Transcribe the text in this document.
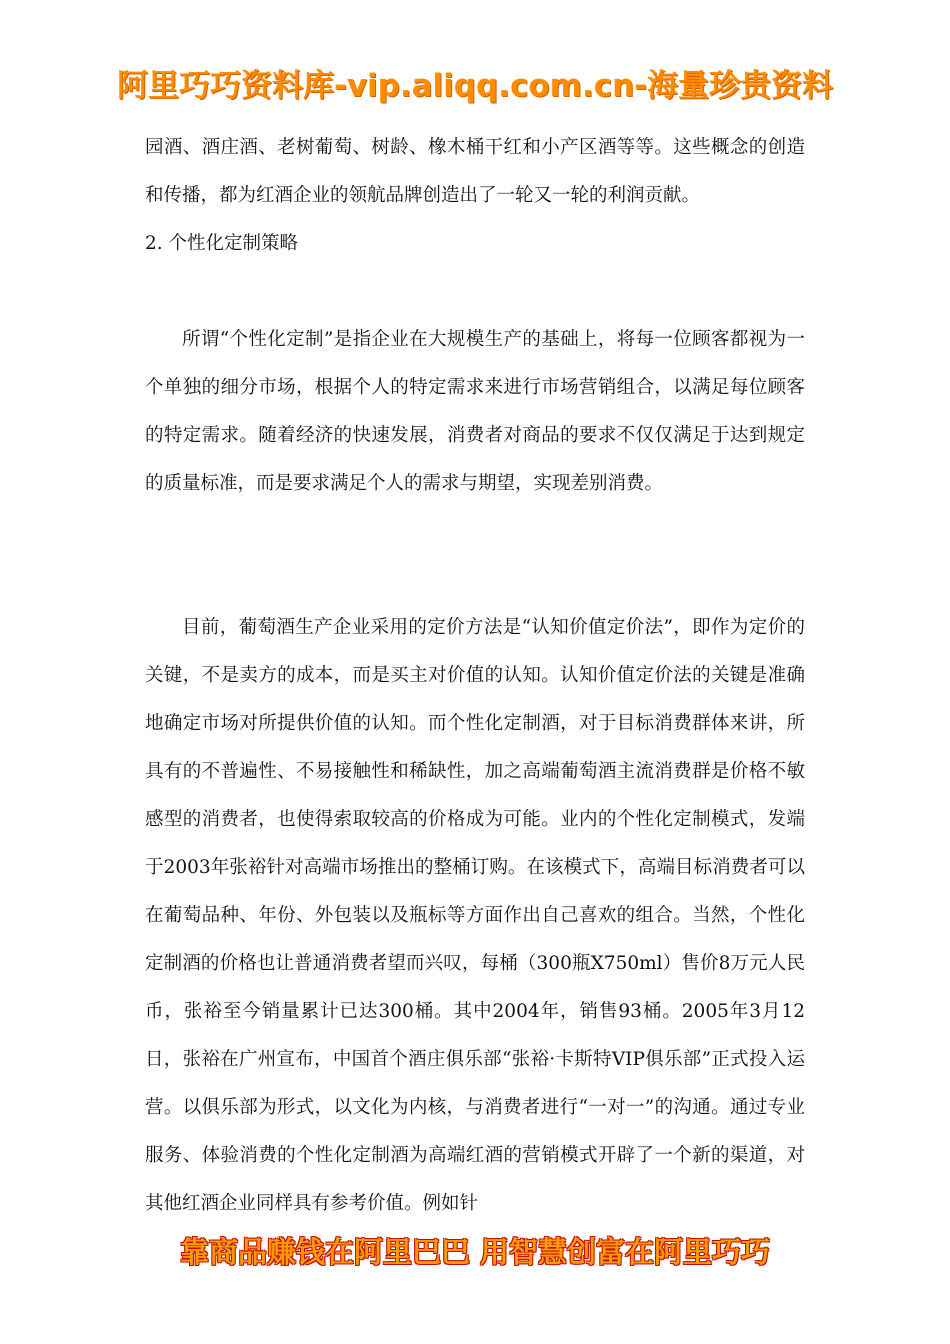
阿里巧巧资料库-vip.aliqq.com.cn-海量珍贵资料

园酒、酒庄酒、老树葡萄、树龄、橡木桶干红和小产区酒等等。这些概念的创造和传播，都为红酒企业的领航品牌创造出了一轮又一轮的利润贡献。

2. 个性化定制策略

所谓“个性化定制”是指企业在大规模生产的基础上，将每一位顾客都视为一个单独的细分市场，根据个人的特定需求来进行市场营销组合，以满足每位顾客的特定需求。随着经济的快速发展，消费者对商品的要求不仅仅满足于达到规定的质量标准，而是要求满足个人的需求与期望，实现差别消费。

目前，葡萄酒生产企业采用的定价方法是“认知价值定价法”，即作为定价的关键，不是卖方的成本，而是买主对价值的认知。认知价值定价法的关键是准确地确定市场对所提供价值的认知。而个性化定制酒，对于目标消费群体来讲，所具有的不普遍性、不易接触性和稀缺性，加之高端葡萄酒主流消费群是价格不敏感型的消费者，也使得索取较高的价格成为可能。业内的个性化定制模式，发端于2003年张裕针对高端市场推出的整桶订购。在该模式下，高端目标消费者可以在葡萄品种、年份、外包装以及瓶标等方面作出自己喜欢的组合。当然，个性化定制酒的价格也让普通消费者望而兴叹，每桶（300瓶X750ml）售价8万元人民币，张裕至今销量累计已达300桶。其中2004年，销售93桶。2005年3月12日，张裕在广州宣布，中国首个酒庄俱乐部“张裕·卡斯特VIP俱乐部”正式投入运营。以俱乐部为形式，以文化为内核，与消费者进行“一对一”的沟通。通过专业服务、体验消费的个性化定制酒为高端红酒的营销模式开辟了一个新的渠道，对其他红酒企业同样具有参考价值。例如针

靠商品赚钱在阿里巴巴 用智慧创富在阿里巧巧
